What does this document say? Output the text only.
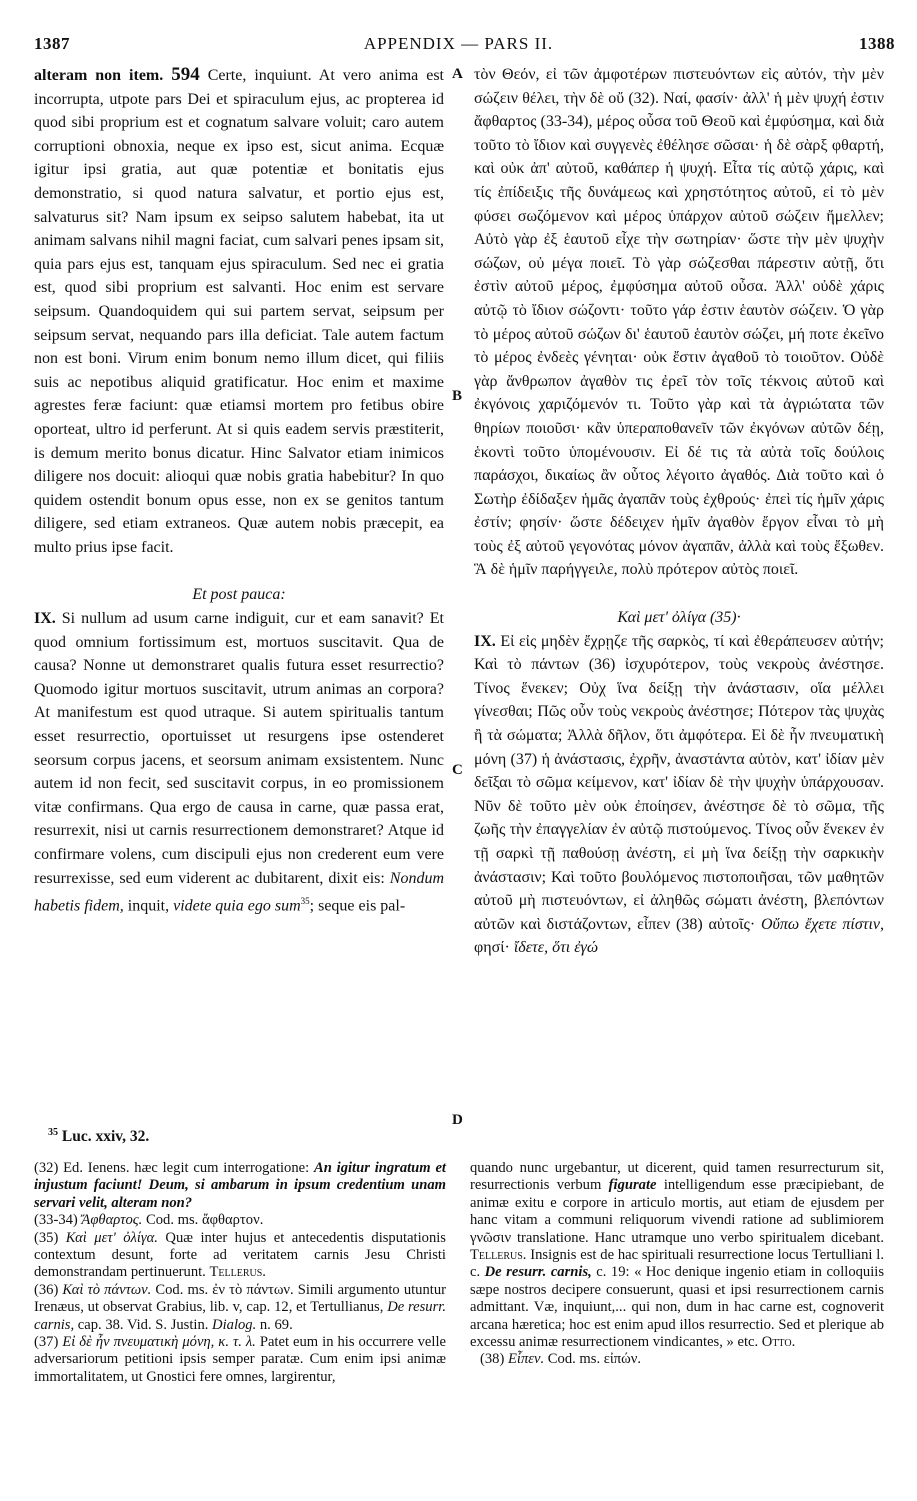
APPENDIX — PARS II.
1387	1388
A
B
C
D

alteram non item. 594 Certe, inquiunt. At vero anima est incorrupta, utpote pars Dei et spiraculum ejus, ac propterea id quod sibi proprium est et cognatum salvare voluit; caro autem corruptioni obnoxia, neque ex ipso est, sicut anima. Ecquæ igitur ipsi gratia, aut quæ potentiæ et bonitatis ejus demonstratio, si quod natura salvatur, et portio ejus est, salvaturus sit? Nam ipsum ex seipso salutem habebat, ita ut animam salvans nihil magni faciat, cum salvari penes ipsam sit, quia pars ejus est, tanquam ejus spiraculum. Sed nec ei gratia est, quod sibi proprium est salvanti. Hoc enim est servare seipsum. Quandoquidem qui sui partem servat, seipsum per seipsum servat, nequando pars illa deficiat. Tale autem factum non est boni. Virum enim bonum nemo illum dicet, qui filiis suis ac nepotibus aliquid gratificatur. Hoc enim et maxime agrestes feræ faciunt: quæ etiamsi mortem pro fetibus obire oporteat, ultro id perferunt. At si quis eadem servis præstiterit, is demum merito bonus dicatur. Hinc Salvator etiam inimicos diligere nos docuit: alioqui quæ nobis gratia habebitur? In quo quidem ostendit bonum opus esse, non ex se genitos tantum diligere, sed etiam extraneos. Quæ autem nobis præcepit, ea multo prius ipse facit.

Et post pauca:

IX. Si nullum ad usum carne indiguit, cur et eam sanavit? Et quod omnium fortissimum est, mortuos suscitavit. Qua de causa? Nonne ut demonstraret qualis futura esset resurrectio? Quomodo igitur mortuos suscitavit, utrum animas an corpora? At manifestum est quod utraque. Si autem spiritualis tantum esset resurrectio, oportuisset ut resurgens ipse ostenderet seorsum corpus jacens, et seorsum animam exsistentem. Nunc autem id non fecit, sed suscitavit corpus, in eo promissionem vitæ confirmans. Qua ergo de causa in carne, quæ passa erat, resurrexit, nisi ut carnis resurrectionem demonstraret? Atque id confirmare volens, cum discipuli ejus non crederent eum vere resurrexisse, sed eum viderent ac dubitarent, dixit eis: Nondum habetis fidem, inquit, videte quia ego sum$^{35}$; seque eis pal-

τὸν Θεόν, εἰ τῶν ἀμφοτέρων πιστευόντων εἰς αὐτόν, τὴν μὲν σώζειν θέλει, τὴν δὲ οὔ (32). Ναί, φασίν· ἀλλ' ἡ μὲν ψυχή ἐστιν ἄφθαρτος (33-34), μέρος οὖσα τοῦ Θεοῦ καὶ ἐμφύσημα, καὶ διὰ τοῦτο τὸ ἴδιον καὶ συγγενὲς ἐθέλησε σῶσαι· ἡ δὲ σὰρξ φθαρτή, καὶ οὐκ ἀπ' αὐτοῦ, καθάπερ ἡ ψυχή. Εἶτα τίς αὐτῷ χάρις, καὶ τίς ἐπίδειξις τῆς δυνάμεως καὶ χρηστότητος αὐτοῦ, εἰ τὸ μὲν φύσει σωζόμενον καὶ μέρος ὑπάρχον αὐτοῦ σώζειν ἤμελλεν; Αὐτὸ γὰρ ἐξ ἑαυτοῦ εἶχε τὴν σωτηρίαν· ὥστε τὴν μὲν ψυχὴν σώζων, οὐ μέγα ποιεῖ. Τὸ γὰρ σώζεσθαι πάρεστιν αὐτῇ, ὅτι ἐστὶν αὐτοῦ μέρος, ἐμφύσημα αὐτοῦ οὖσα. Ἀλλ' οὐδὲ χάρις αὐτῷ τὸ ἴδιον σώζοντι· τοῦτο γάρ ἐστιν ἑαυτὸν σώζειν. Ὁ γὰρ τὸ μέρος αὐτοῦ σώζων δι' ἑαυτοῦ ἑαυτὸν σώζει, μή ποτε ἐκεῖνο τὸ μέρος ἐνδεὲς γένηται· οὐκ ἔστιν ἀγαθοῦ τὸ τοιοῦτον. Οὐδὲ γὰρ ἄνθρωπον ἀγαθὸν τις ἐρεῖ τὸν τοῖς τέκνοις αὐτοῦ καὶ ἐκγόνοις χαριζόμενόν τι. Τοῦτο γὰρ καὶ τὰ ἀγριώτατα τῶν θηρίων ποιοῦσι· κἂν ὑπεραποθανεῖν τῶν ἐκγόνων αὐτῶν δέῃ, ἑκοντὶ τοῦτο ὑπομένουσιν. Εἰ δέ τις τὰ αὐτὰ τοῖς δούλοις παράσχοι, δικαίως ἂν οὗτος λέγοιτο ἀγαθός. Διὰ τοῦτο καὶ ὁ Σωτὴρ ἐδίδαξεν ἡμᾶς ἀγαπᾶν τοὺς ἐχθρούς· ἐπεὶ τίς ἡμῖν χάρις ἐστίν; φησίν· ὥστε δέδειχεν ἡμῖν ἀγαθὸν ἔργον εἶναι τὸ μὴ τοὺς ἐξ αὐτοῦ γεγονότας μόνον ἀγαπᾶν, ἀλλὰ καὶ τοὺς ἔξωθεν. Ἃ δὲ ἡμῖν παρήγγειλε, πολὺ πρότερον αὐτὸς ποιεῖ.

Καὶ μετ' ὀλίγα (35)·

IX. Εἰ εἰς μηδὲν ἔχρῃζε τῆς σαρκὸς, τί καὶ ἐθεράπευσεν αὐτήν; Καὶ τὸ πάντων (36) ἰσχυρότερον, τοὺς νεκροὺς ἀνέστησε. Τίνος ἕνεκεν; Οὐχ ἵνα δείξῃ τὴν ἀνάστασιν, οἵα μέλλει γίνεσθαι; Πῶς οὖν τοὺς νεκροὺς ἀνέστησε; Πότερον τὰς ψυχὰς ἢ τὰ σώματα; Ἀλλὰ δῆλον, ὅτι ἀμφότερα. Εἰ δὲ ἦν πνευματικὴ μόνη (37) ἡ ἀνάστασις, ἐχρῆν, ἀναστάντα αὐτὸν, κατ' ἰδίαν μὲν δεῖξαι τὸ σῶμα κείμενον, κατ' ἰδίαν δὲ τὴν ψυχὴν ὑπάρχουσαν. Νῦν δὲ τοῦτο μὲν οὐκ ἐποίησεν, ἀνέστησε δὲ τὸ σῶμα, τῆς ζωῆς τὴν ἐπαγγελίαν ἐν αὐτῷ πιστούμενος. Τίνος οὖν ἕνεκεν ἐν τῇ σαρκὶ τῇ παθούσῃ ἀνέστη, εἰ μὴ ἵνα δείξῃ τὴν σαρκικὴν ἀνάστασιν; Καὶ τοῦτο βουλόμενος πιστοποιῆσαι, τῶν μαθητῶν αὐτοῦ μὴ πιστευόντων, εἰ ἀληθῶς σώματι ἀνέστη, βλεπόντων αὐτῶν καὶ διστάζοντων, εἶπεν (38) αὐτοῖς· Οὔπω ἔχετε πίστιν, φησί· ἴδετε, ὅτι ἐγώ

$^{35}$ Luc. xxiv, 32.

(32) Ed. Ienens. hæc legit cum interrogatione: An igitur ingratum et injustum faciunt! Deum, si ambarum in ipsum credentium unam servari velit, alteram non?

(33-34) Ἄφθαρτος. Cod. ms. ἄφθαρτον.

(35) Καὶ μετ' ὀλίγα. Quæ inter hujus et antecedentis disputationis contextum desunt, forte ad veritatem carnis Jesu Christi demonstrandam pertinuerunt. Tellerus.

(36) Καὶ τὸ πάντων. Cod. ms. ἐν τὸ πάντων. Simili argumento utuntur Irenæus, ut observat Grabius, lib. v, cap. 12, et Tertullianus, De resurr. carnis, cap. 38. Vid. S. Justin. Dialog. n. 69.

(37) Εἰ δὲ ἦν πνευματικὴ μόνη, κ. τ. λ. Patet eum in his occurrere velle adversariorum petitioni ipsis semper paratæ. Cum enim ipsi animæ immortalitatem, ut Gnostici fere omnes, largirentur,

quando nunc urgebantur, ut dicerent, quid tamen resurrecturum sit, resurrectionis verbum figurate intelligendum esse præcipiebant, de animæ exitu e corpore in articulo mortis, aut etiam de ejusdem per hanc vitam a communi reliquorum vivendi ratione ad sublimiorem γνῶσιν translatione. Hanc utramque uno verbo spiritualem dicebant. Tellerus. Insignis est de hac spirituali resurrectione locus Tertulliani l. c. De resurr. carnis, c. 19: « Hoc denique ingenio etiam in colloquiis sæpe nostros decipere consuerunt, quasi et ipsi resurrectionem carnis admittant. Væ, inquiunt,... qui non, dum in hac carne est, cognoverit arcana hæretica; hoc est enim apud illos resurrectio. Sed et plerique ab excessu animæ resurrectionem vindicantes, » etc. Otto.

(38) Εἶπεν. Cod. ms. εἰπών.
